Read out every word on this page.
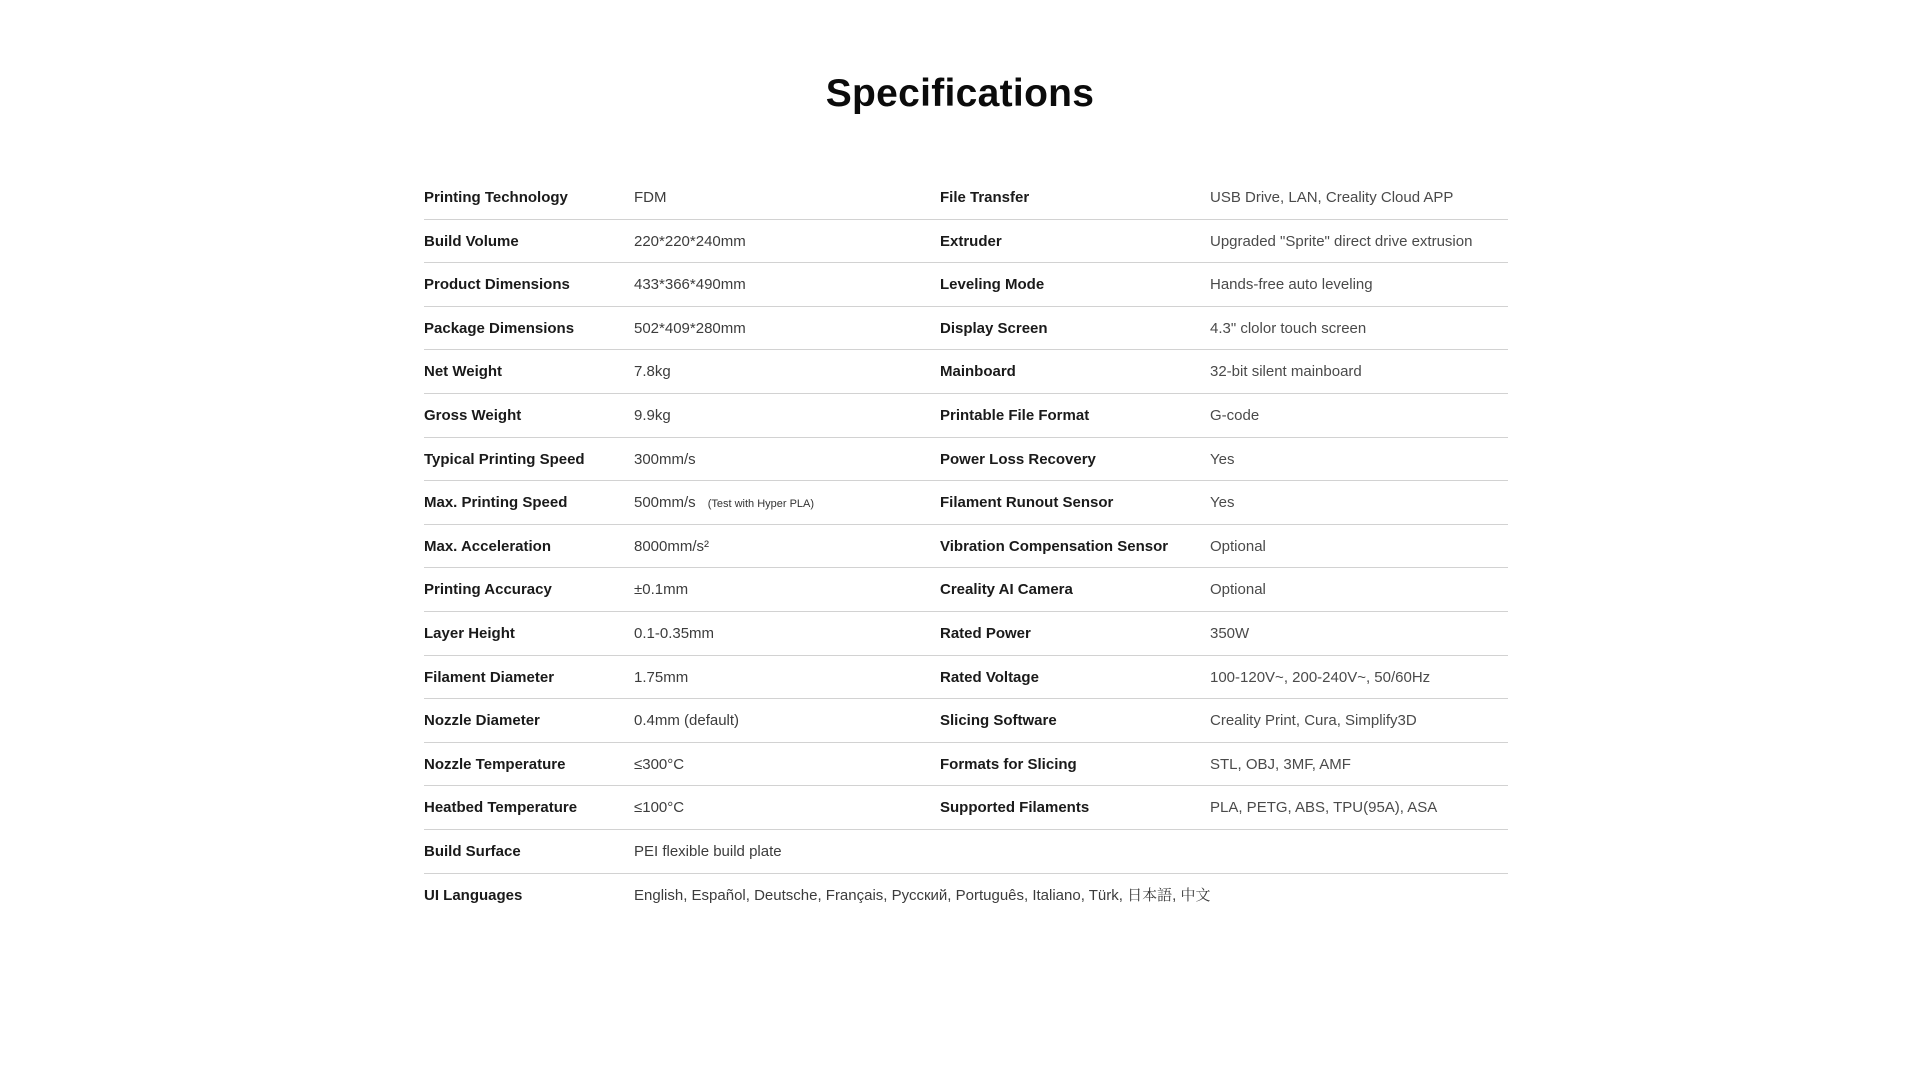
Specifications
Printing Technology	FDM	File Transfer	USB Drive, LAN, Creality Cloud APP
Build Volume	220*220*240mm	Extruder	Upgraded "Sprite" direct drive extrusion
Product Dimensions	433*366*490mm	Leveling Mode	Hands-free auto leveling
Package Dimensions	502*409*280mm	Display Screen	4.3" clolor touch screen
Net Weight	7.8kg	Mainboard	32-bit silent mainboard
Gross Weight	9.9kg	Printable File Format	G-code
Typical Printing Speed	300mm/s	Power Loss Recovery	Yes
Max. Printing Speed	500mm/s (Test with Hyper PLA)	Filament Runout Sensor	Yes
Max. Acceleration	8000mm/s²	Vibration Compensation Sensor	Optional
Printing Accuracy	±0.1mm	Creality AI Camera	Optional
Layer Height	0.1-0.35mm	Rated Power	350W
Filament Diameter	1.75mm	Rated Voltage	100-120V~, 200-240V~, 50/60Hz
Nozzle Diameter	0.4mm (default)	Slicing Software	Creality Print, Cura, Simplify3D
Nozzle Temperature	≤300°C	Formats for Slicing	STL, OBJ, 3MF, AMF
Heatbed Temperature	≤100°C	Supported Filaments	PLA, PETG, ABS, TPU(95A), ASA
Build Surface	PEI flexible build plate
UI Languages	English, Español, Deutsche, Français, Русский, Português, Italiano, Türk, 日本語, 中文
